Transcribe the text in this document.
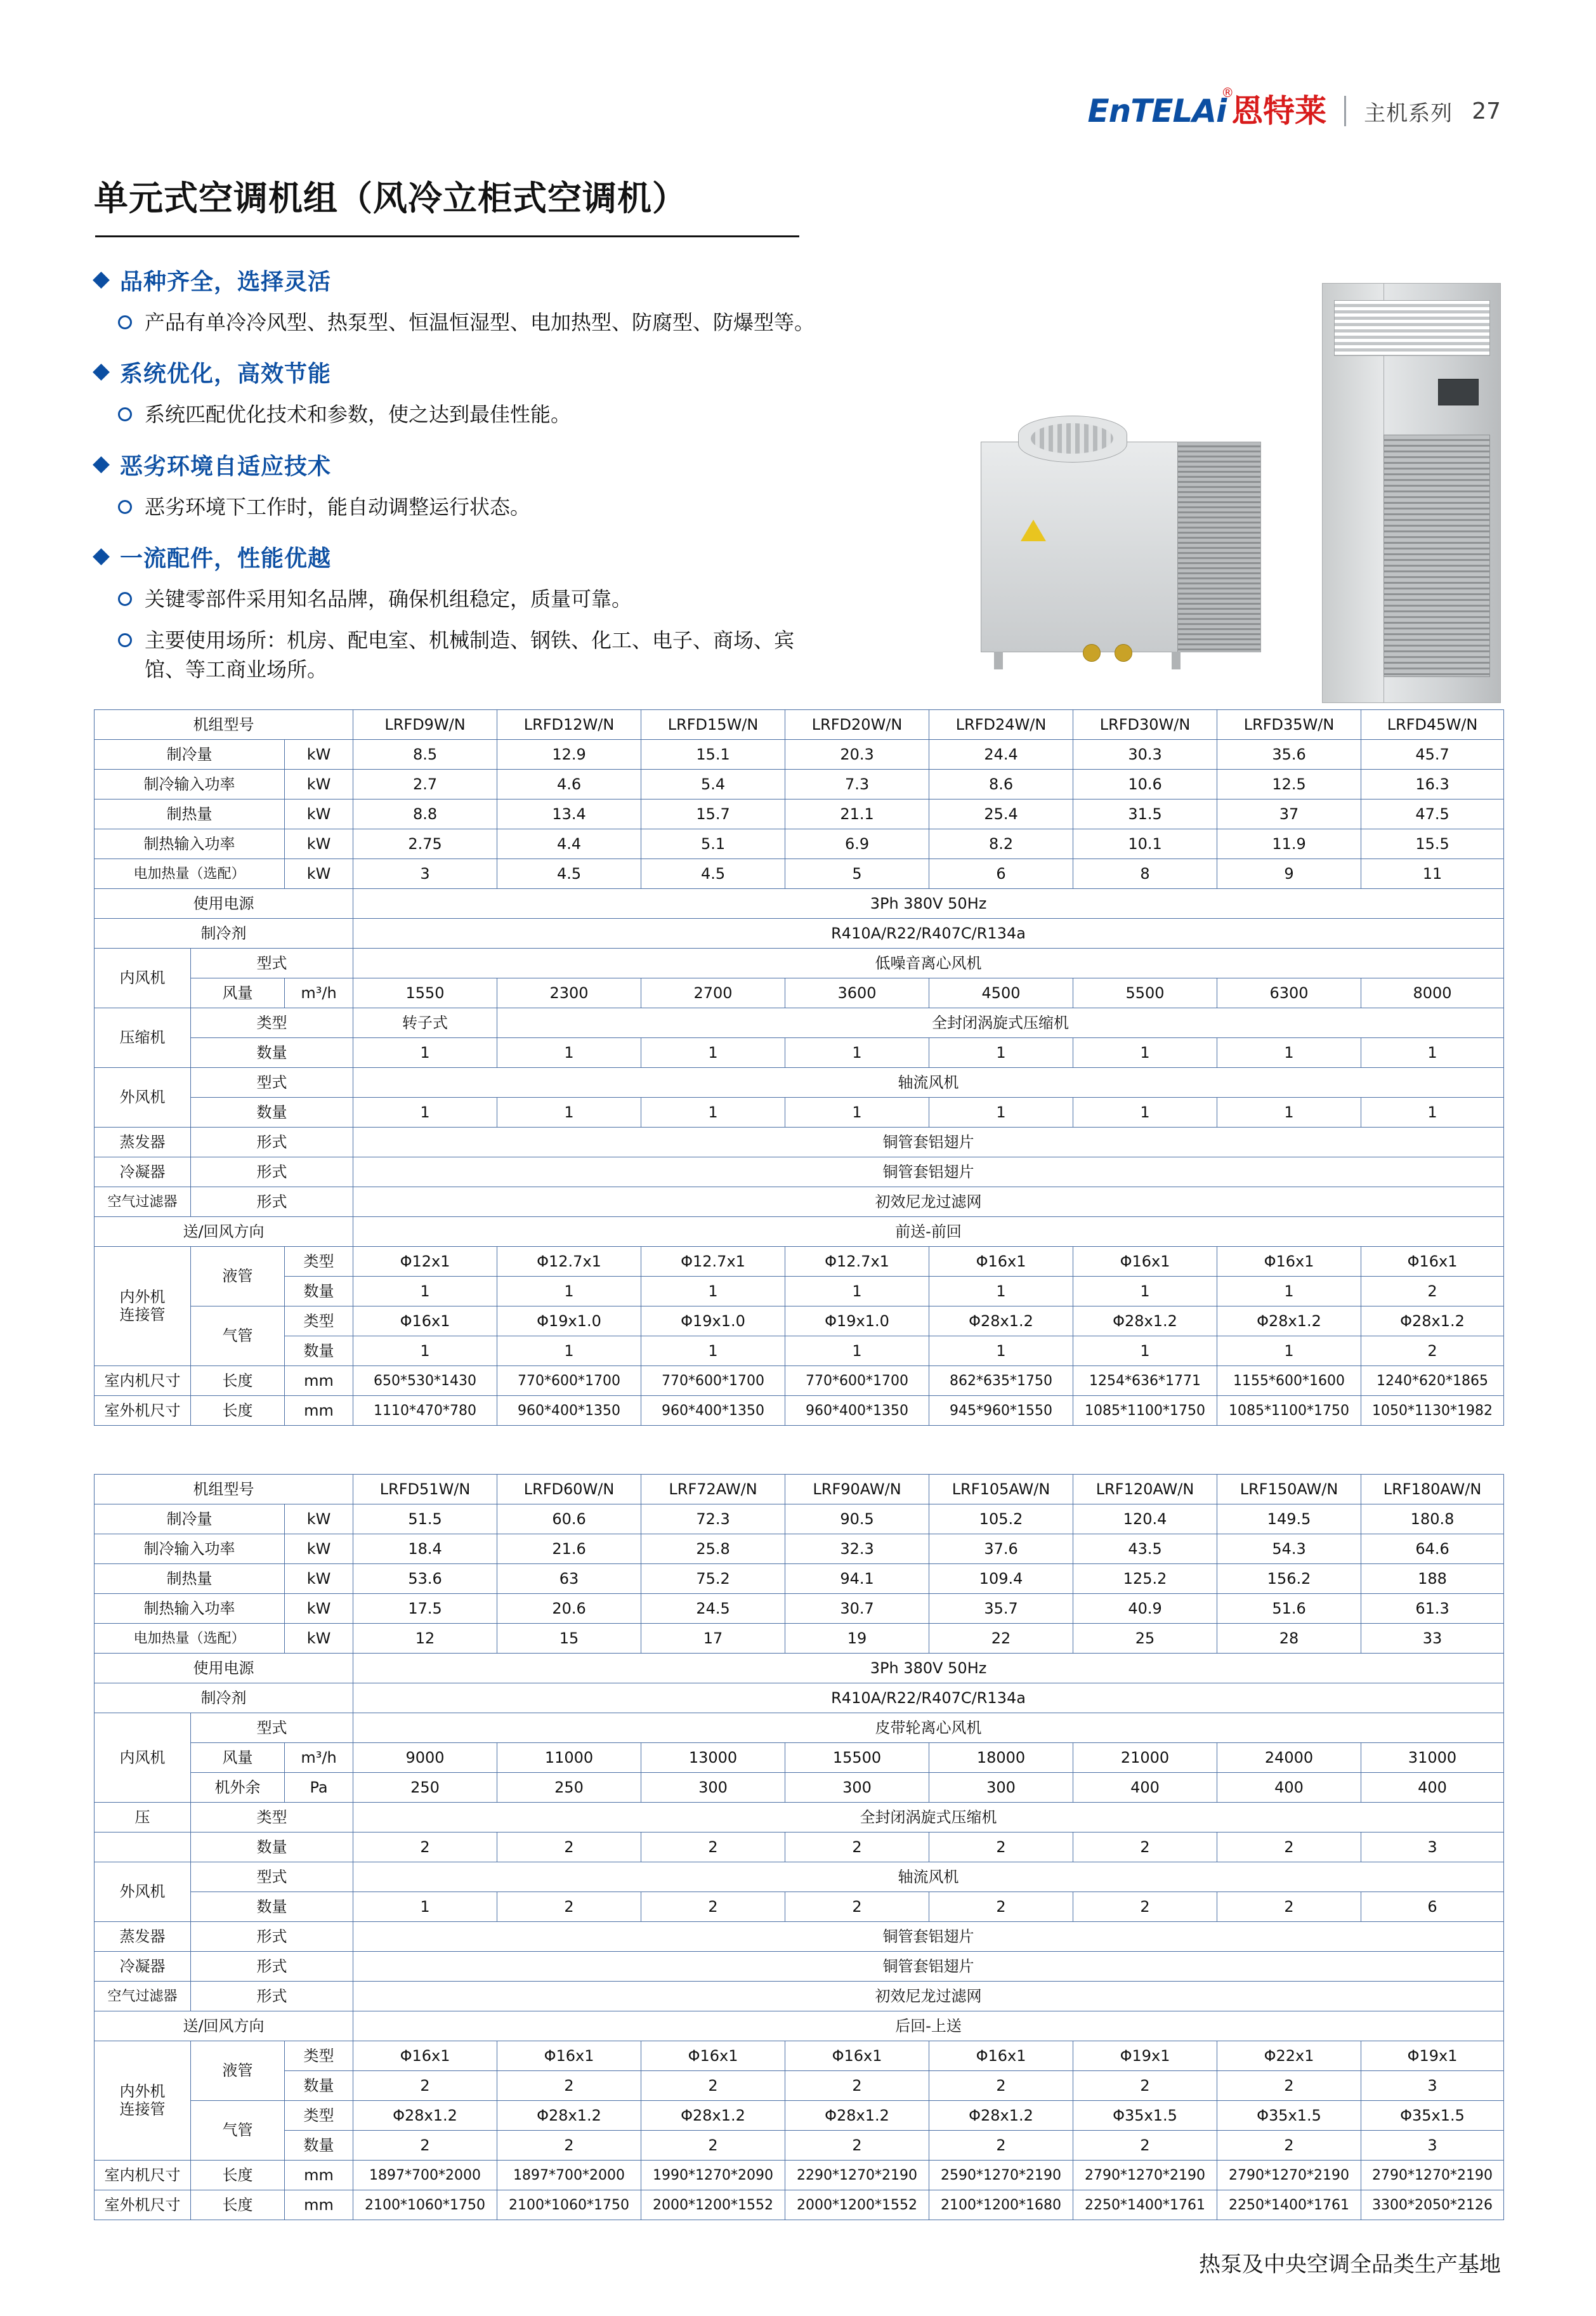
EnTELAi
®
恩特莱 主机系列 27
单元式空调机组（风冷立柜式空调机）
品种齐全，选择灵活
产品有单冷冷风型、热泵型、恒温恒湿型、电加热型、防腐型、防爆型等。
系统优化，高效节能
系统匹配优化技术和参数，使之达到最佳性能。
恶劣环境自适应技术
恶劣环境下工作时，能自动调整运行状态。
一流配件，性能优越
关键零部件采用知名品牌，确保机组稳定，质量可靠。
主要使用场所：机房、配电室、机械制造、钢铁、化工、电子、商场、宾馆、等工商业场所。
机组型号			LRFD9W/N	LRFD12W/N	LRFD15W/N	LRFD20W/N	LRFD24W/N	LRFD30W/N	LRFD35W/N	LRFD45W/N
制冷量		kW	8.5	12.9	15.1	20.3	24.4	30.3	35.6	45.7
制冷输入功率		kW	2.7	4.6	5.4	7.3	8.6	10.6	12.5	16.3
制热量		kW	8.8	13.4	15.7	21.1	25.4	31.5	37	47.5
制热输入功率		kW	2.75	4.4	5.1	6.9	8.2	10.1	11.9	15.5
电加热量（选配）		kW	3	4.5	4.5	5	6	8	9	11
使用电源			3Ph 380V 50Hz							
制冷剂			R410A/R22/R407C/R134a							
内风机	型式		低噪音离心风机							
	风量	m³/h	1550	2300	2700	3600	4500	5500	6300	8000
压缩机	类型		转子式	全封闭涡旋式压缩机						
	数量		1	1	1	1	1	1	1	1
外风机	型式		轴流风机							
	数量		1	1	1	1	1	1	1	1
蒸发器	形式		铜管套铝翅片							
冷凝器	形式		铜管套铝翅片							
空气过滤器	形式		初效尼龙过滤网							
送/回风方向			前送-前回							

内外机
连接管	液管	类型	Φ12x1	Φ12.7x1	Φ12.7x1	Φ12.7x1	Φ16x1	Φ16x1	Φ16x1	Φ16x1
		数量	1	1	1	1	1	1	1	2
	气管	类型	Φ16x1	Φ19x1.0	Φ19x1.0	Φ19x1.0	Φ28x1.2	Φ28x1.2	Φ28x1.2	Φ28x1.2
		数量	1	1	1	1	1	1	1	2
室内机尺寸	长度	mm	650*530*1430	770*600*1700	770*600*1700	770*600*1700	862*635*1750	1254*636*1771	1155*600*1600	1240*620*1865
室外机尺寸	长度	mm	1110*470*780	960*400*1350	960*400*1350	960*400*1350	945*960*1550	1085*1100*1750	1085*1100*1750	1050*1130*1982
机组型号			LRFD51W/N	LRFD60W/N	LRF72AW/N	LRF90AW/N	LRF105AW/N	LRF120AW/N	LRF150AW/N	LRF180AW/N
制冷量		kW	51.5	60.6	72.3	90.5	105.2	120.4	149.5	180.8
制冷输入功率		kW	18.4	21.6	25.8	32.3	37.6	43.5	54.3	64.6
制热量		kW	53.6	63	75.2	94.1	109.4	125.2	156.2	188
制热输入功率		kW	17.5	20.6	24.5	30.7	35.7	40.9	51.6	61.3
电加热量（选配）		kW	12	15	17	19	22	25	28	33
使用电源			3Ph 380V 50Hz							
制冷剂			R410A/R22/R407C/R134a							
内风机	型式		皮带轮离心风机							
	风量	m³/h	9000	11000	13000	15500	18000	21000	24000	31000
	机外余	Pa	250	250	300	300	300	400	400	400
压	类型		全封闭涡旋式压缩机							
	数量		2	2	2	2	2	2	2	3
外风机	型式		轴流风机							
	数量		1	2	2	2	2	2	2	6
蒸发器	形式		铜管套铝翅片							
冷凝器	形式		铜管套铝翅片							
空气过滤器	形式		初效尼龙过滤网							
送/回风方向			后回-上送							

内外机
连接管	液管	类型	Φ16x1	Φ16x1	Φ16x1	Φ16x1	Φ16x1	Φ19x1	Φ22x1	Φ19x1
		数量	2	2	2	2	2	2	2	3
	气管	类型	Φ28x1.2	Φ28x1.2	Φ28x1.2	Φ28x1.2	Φ28x1.2	Φ35x1.5	Φ35x1.5	Φ35x1.5
		数量	2	2	2	2	2	2	2	3
室内机尺寸	长度	mm	1897*700*2000	1897*700*2000	1990*1270*2090	2290*1270*2190	2590*1270*2190	2790*1270*2190	2790*1270*2190	2790*1270*2190
室外机尺寸	长度	mm	2100*1060*1750	2100*1060*1750	2000*1200*1552	2000*1200*1552	2100*1200*1680	2250*1400*1761	2250*1400*1761	3300*2050*2126
热泵及中央空调全品类生产基地
